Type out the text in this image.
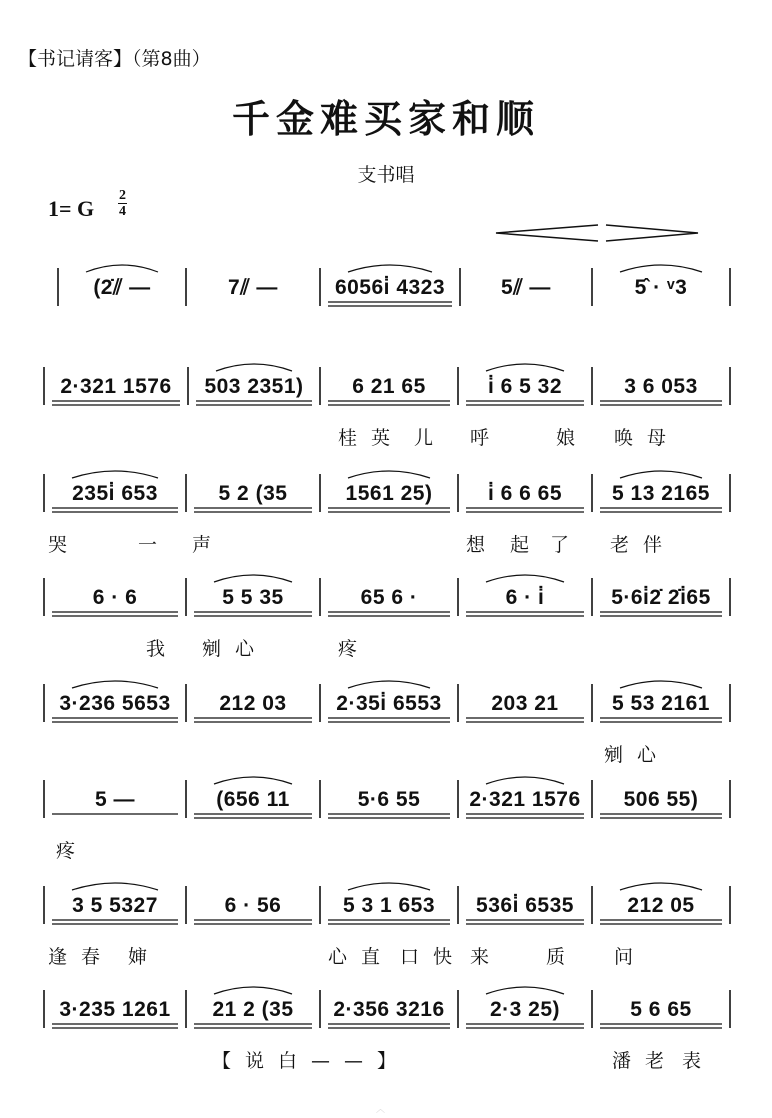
【书记请客】（第8曲）
千金难买家和顺
支书唱
1= G $\frac{2}{4}$
(2̇⫽ —	7⫽ —	6056i̇ 4323	5⫽ —	5̂ · ᵛ3
2·321 1576	503 2351)	6 21 65	i̇ 6 5 32	3 6 053
桂英 儿 呼	娘 唤母
235i̇ 653	5 2 (35	1561 25)	i̇ 6 6 65	5 13 2165
哭	一 声	想 起 了 老伴
6 · 6	5 5 35	65 6 ·	6 · i̇	5·6i̇2̇ 2̇i̇65
我 剜心	疼
3·236 5653	212 03	2·35i̇ 6553	203 21	5 53 2161
剜心
5 —	(656 11	5·6 55	2·321 1576	506 55)
疼
3 5 5327	6 · 56	5 3 1 653	536i̇ 6535	212 05
逢春 婶	心直 口快 来 质 问
3·235 1261	21 2 (35	2·356 3216	2·3 25)	5 6 65
【说白——】	潘老 表
︿
